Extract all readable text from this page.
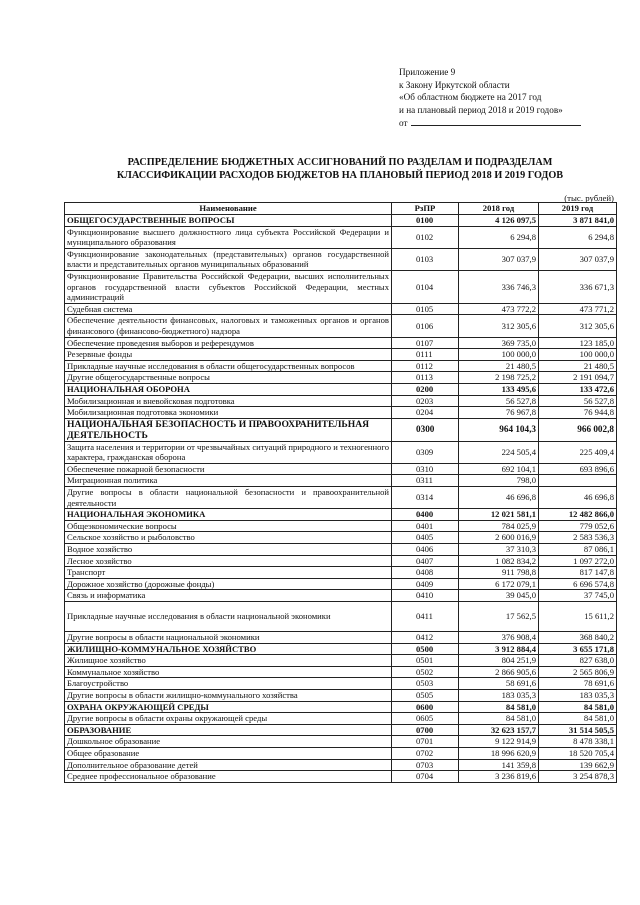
Приложение 9
к Закону Иркутской области
«Об областном бюджете на 2017 год
и на плановый период 2018 и 2019 годов»
от
РАСПРЕДЕЛЕНИЕ БЮДЖЕТНЫХ АССИГНОВАНИЙ ПО РАЗДЕЛАМ И ПОДРАЗДЕЛАМ
КЛАССИФИКАЦИИ РАСХОДОВ БЮДЖЕТОВ НА ПЛАНОВЫЙ ПЕРИОД 2018 И 2019 ГОДОВ
(тыс. рублей)
Наименование	РзПР	2018 год	2019 год
ОБЩЕГОСУДАРСТВЕННЫЕ ВОПРОСЫ	0100	4 126 097,5	3 871 841,0
Функционирование высшего должностного лица субъекта Российской Федерации и муниципального образования	0102	6 294,8	6 294,8
Функционирование законодательных (представительных) органов государственной власти и представительных органов муниципальных образований	0103	307 037,9	307 037,9
Функционирование Правительства Российской Федерации, высших исполнительных органов государственной власти субъектов Российской Федерации, местных администраций	0104	336 746,3	336 671,3
Судебная система	0105	473 772,2	473 771,2
Обеспечение деятельности финансовых, налоговых и таможенных органов и органов финансового (финансово-бюджетного) надзора	0106	312 305,6	312 305,6
Обеспечение проведения выборов и референдумов	0107	369 735,0	123 185,0
Резервные фонды	0111	100 000,0	100 000,0
Прикладные научные исследования в области общегосударственных вопросов	0112	21 480,5	21 480,5
Другие общегосударственные вопросы	0113	2 198 725,2	2 191 094,7
НАЦИОНАЛЬНАЯ ОБОРОНА	0200	133 495,6	133 472,6
Мобилизационная и вневойсковая подготовка	0203	56 527,8	56 527,8
Мобилизационная подготовка экономики	0204	76 967,8	76 944,8
НАЦИОНАЛЬНАЯ БЕЗОПАСНОСТЬ И ПРАВООХРАНИТЕЛЬНАЯ ДЕЯТЕЛЬНОСТЬ	0300	964 104,3	966 002,8
Защита населения и территории от чрезвычайных ситуаций природного и техногенного характера, гражданская оборона	0309	224 505,4	225 409,4
Обеспечение пожарной безопасности	0310	692 104,1	693 896,6
Миграционная политика	0311	798,0	
Другие вопросы в области национальной безопасности и правоохранительной деятельности	0314	46 696,8	46 696,8
НАЦИОНАЛЬНАЯ ЭКОНОМИКА	0400	12 021 581,1	12 482 866,0
Общеэкономические вопросы	0401	784 025,9	779 052,6
Сельское хозяйство и рыболовство	0405	2 600 016,9	2 583 536,3
Водное хозяйство	0406	37 310,3	87 086,1
Лесное хозяйство	0407	1 082 834,2	1 097 272,0
Транспорт	0408	911 798,8	817 147,8
Дорожное хозяйство (дорожные фонды)	0409	6 172 079,1	6 696 574,8
Связь и информатика	0410	39 045,0	37 745,0
Прикладные научные исследования в области национальной экономики	0411	17 562,5	15 611,2
Другие вопросы в области национальной экономики	0412	376 908,4	368 840,2
ЖИЛИЩНО-КОММУНАЛЬНОЕ ХОЗЯЙСТВО	0500	3 912 884,4	3 655 171,8
Жилищное хозяйство	0501	804 251,9	827 638,0
Коммунальное хозяйство	0502	2 866 905,6	2 565 806,9
Благоустройство	0503	58 691,6	78 691,6
Другие вопросы в области жилищно-коммунального хозяйства	0505	183 035,3	183 035,3
ОХРАНА ОКРУЖАЮЩЕЙ СРЕДЫ	0600	84 581,0	84 581,0
Другие вопросы в области охраны окружающей среды	0605	84 581,0	84 581,0
ОБРАЗОВАНИЕ	0700	32 623 157,7	31 514 505,5
Дошкольное образование	0701	9 122 914,9	8 478 338,1
Общее образование	0702	18 996 620,9	18 520 705,4
Дополнительное образование детей	0703	141 359,8	139 662,9
Среднее профессиональное образование	0704	3 236 819,6	3 254 878,3
